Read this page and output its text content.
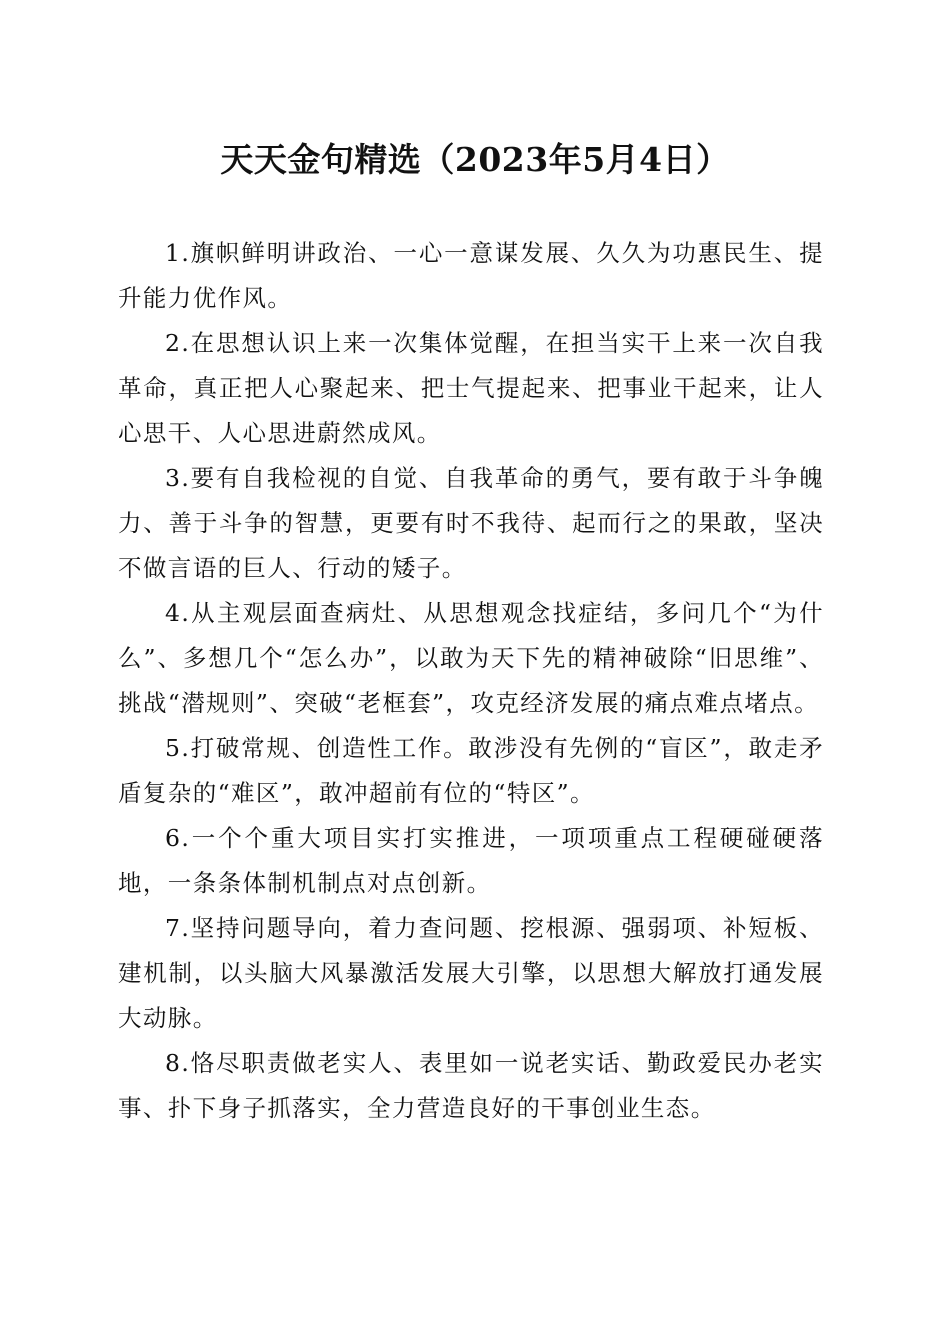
天天金句精选（2023年5月4日）

1.旗帜鲜明讲政治、一心一意谋发展、久久为功惠民生、提升能力优作风。

2.在思想认识上来一次集体觉醒，在担当实干上来一次自我革命，真正把人心聚起来、把士气提起来、把事业干起来，让人心思干、人心思进蔚然成风。

3.要有自我检视的自觉、自我革命的勇气，要有敢于斗争魄力、善于斗争的智慧，更要有时不我待、起而行之的果敢，坚决不做言语的巨人、行动的矮子。

4.从主观层面查病灶、从思想观念找症结，多问几个“为什么”、多想几个“怎么办”，以敢为天下先的精神破除“旧思维”、挑战“潜规则”、突破“老框套”，攻克经济发展的痛点难点堵点。

5.打破常规、创造性工作。敢涉没有先例的“盲区”，敢走矛盾复杂的“难区”，敢冲超前有位的“特区”。

6.一个个重大项目实打实推进，一项项重点工程硬碰硬落地，一条条体制机制点对点创新。

7.坚持问题导向，着力查问题、挖根源、强弱项、补短板、建机制，以头脑大风暴激活发展大引擎，以思想大解放打通发展大动脉。

8.恪尽职责做老实人、表里如一说老实话、勤政爱民办老实事、扑下身子抓落实，全力营造良好的干事创业生态。
